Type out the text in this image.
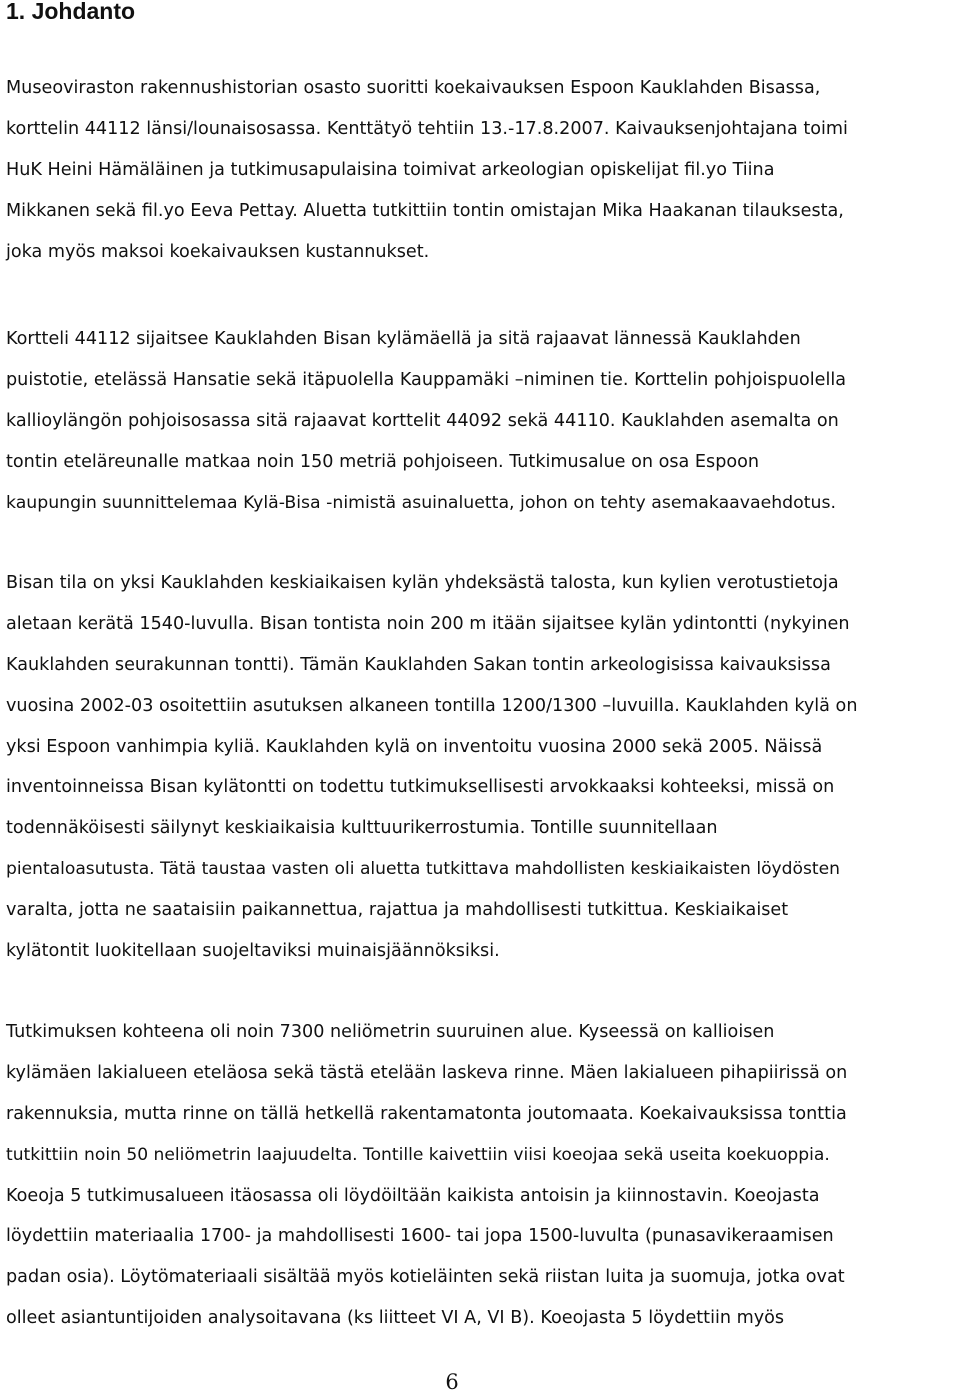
1. Johdanto
Museoviraston rakennushistorian osasto suoritti koekaivauksen Espoon Kauklahden Bisassa,
korttelin 44112 länsi/lounaisosassa. Kenttätyö tehtiin 13.-17.8.2007. Kaivauksenjohtajana toimi
HuK Heini Hämäläinen ja tutkimusapulaisina toimivat arkeologian opiskelijat fil.yo Tiina
Mikkanen sekä fil.yo Eeva Pettay. Aluetta tutkittiin tontin omistajan Mika Haakanan tilauksesta,
joka myös maksoi koekaivauksen kustannukset.
Kortteli 44112 sijaitsee Kauklahden Bisan kylämäellä ja sitä rajaavat lännessä Kauklahden
puistotie, etelässä Hansatie sekä itäpuolella Kauppamäki –niminen tie. Korttelin pohjoispuolella
kallioylängön pohjoisosassa sitä rajaavat korttelit 44092 sekä 44110. Kauklahden asemalta on
tontin eteläreunalle matkaa noin 150 metriä pohjoiseen. Tutkimusalue on osa Espoon
kaupungin suunnittelemaa Kylä-Bisa -nimistä asuinaluetta, johon on tehty asemakaavaehdotus.
Bisan tila on yksi Kauklahden keskiaikaisen kylän yhdeksästä talosta, kun kylien verotustietoja
aletaan kerätä 1540-luvulla. Bisan tontista noin 200 m itään sijaitsee kylän ydintontti (nykyinen
Kauklahden seurakunnan tontti). Tämän Kauklahden Sakan tontin arkeologisissa kaivauksissa
vuosina 2002-03 osoitettiin asutuksen alkaneen tontilla 1200/1300 –luvuilla. Kauklahden kylä on
yksi Espoon vanhimpia kyliä. Kauklahden kylä on inventoitu vuosina 2000 sekä 2005. Näissä
inventoinneissa Bisan kylätontti on todettu tutkimuksellisesti arvokkaaksi kohteeksi, missä on
todennäköisesti säilynyt keskiaikaisia kulttuurikerrostumia. Tontille suunnitellaan
pientaloasutusta. Tätä taustaa vasten oli aluetta tutkittava mahdollisten keskiaikaisten löydösten
varalta, jotta ne saataisiin paikannettua, rajattua ja mahdollisesti tutkittua. Keskiaikaiset
kylätontit luokitellaan suojeltaviksi muinaisjäännöksiksi.
Tutkimuksen kohteena oli noin 7300 neliömetrin suuruinen alue. Kyseessä on kallioisen
kylämäen lakialueen eteläosa sekä tästä etelään laskeva rinne. Mäen lakialueen pihapiirissä on
rakennuksia, mutta rinne on tällä hetkellä rakentamatonta joutomaata. Koekaivauksissa tonttia
tutkittiin noin 50 neliömetrin laajuudelta. Tontille kaivettiin viisi koeojaa sekä useita koekuoppia.
Koeoja 5 tutkimusalueen itäosassa oli löydöiltään kaikista antoisin ja kiinnostavin. Koeojasta
löydettiin materiaalia 1700- ja mahdollisesti 1600- tai jopa 1500-luvulta (punasavikeraamisen
padan osia). Löytömateriaali sisältää myös kotieläinten sekä riistan luita ja suomuja, jotka ovat
olleet asiantuntijoiden analysoitavana (ks liitteet VI A, VI B). Koeojasta 5 löydettiin myös
6
